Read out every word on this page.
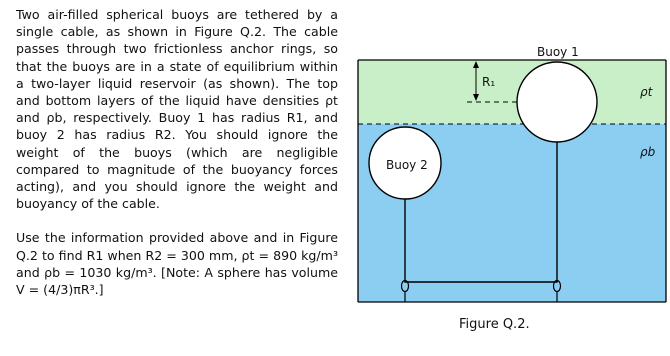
Two air-filled spherical buoys are tethered by a single cable, as shown in Figure Q.2. The cable passes through two frictionless anchor rings, so that the buoys are in a state of equilibrium within a two-layer liquid reservoir (as shown). The top and bottom layers of the liquid have densities ρt and ρb, respectively. Buoy 1 has radius R1, and buoy 2 has radius R2. You should ignore the weight of the buoys (which are negligible compared to magnitude of the buoyancy forces acting), and you should ignore the weight and buoyancy of the cable.

Use the information provided above and in Figure Q.2 to find R1 when R2 = 300 mm, ρt = 890 kg/m³ and ρb = 1030 kg/m³. [Note: A sphere has volume V = (4/3)πR³.]

Buoy 1
Buoy 2
R₁
ρt
ρb
Figure Q.2.
